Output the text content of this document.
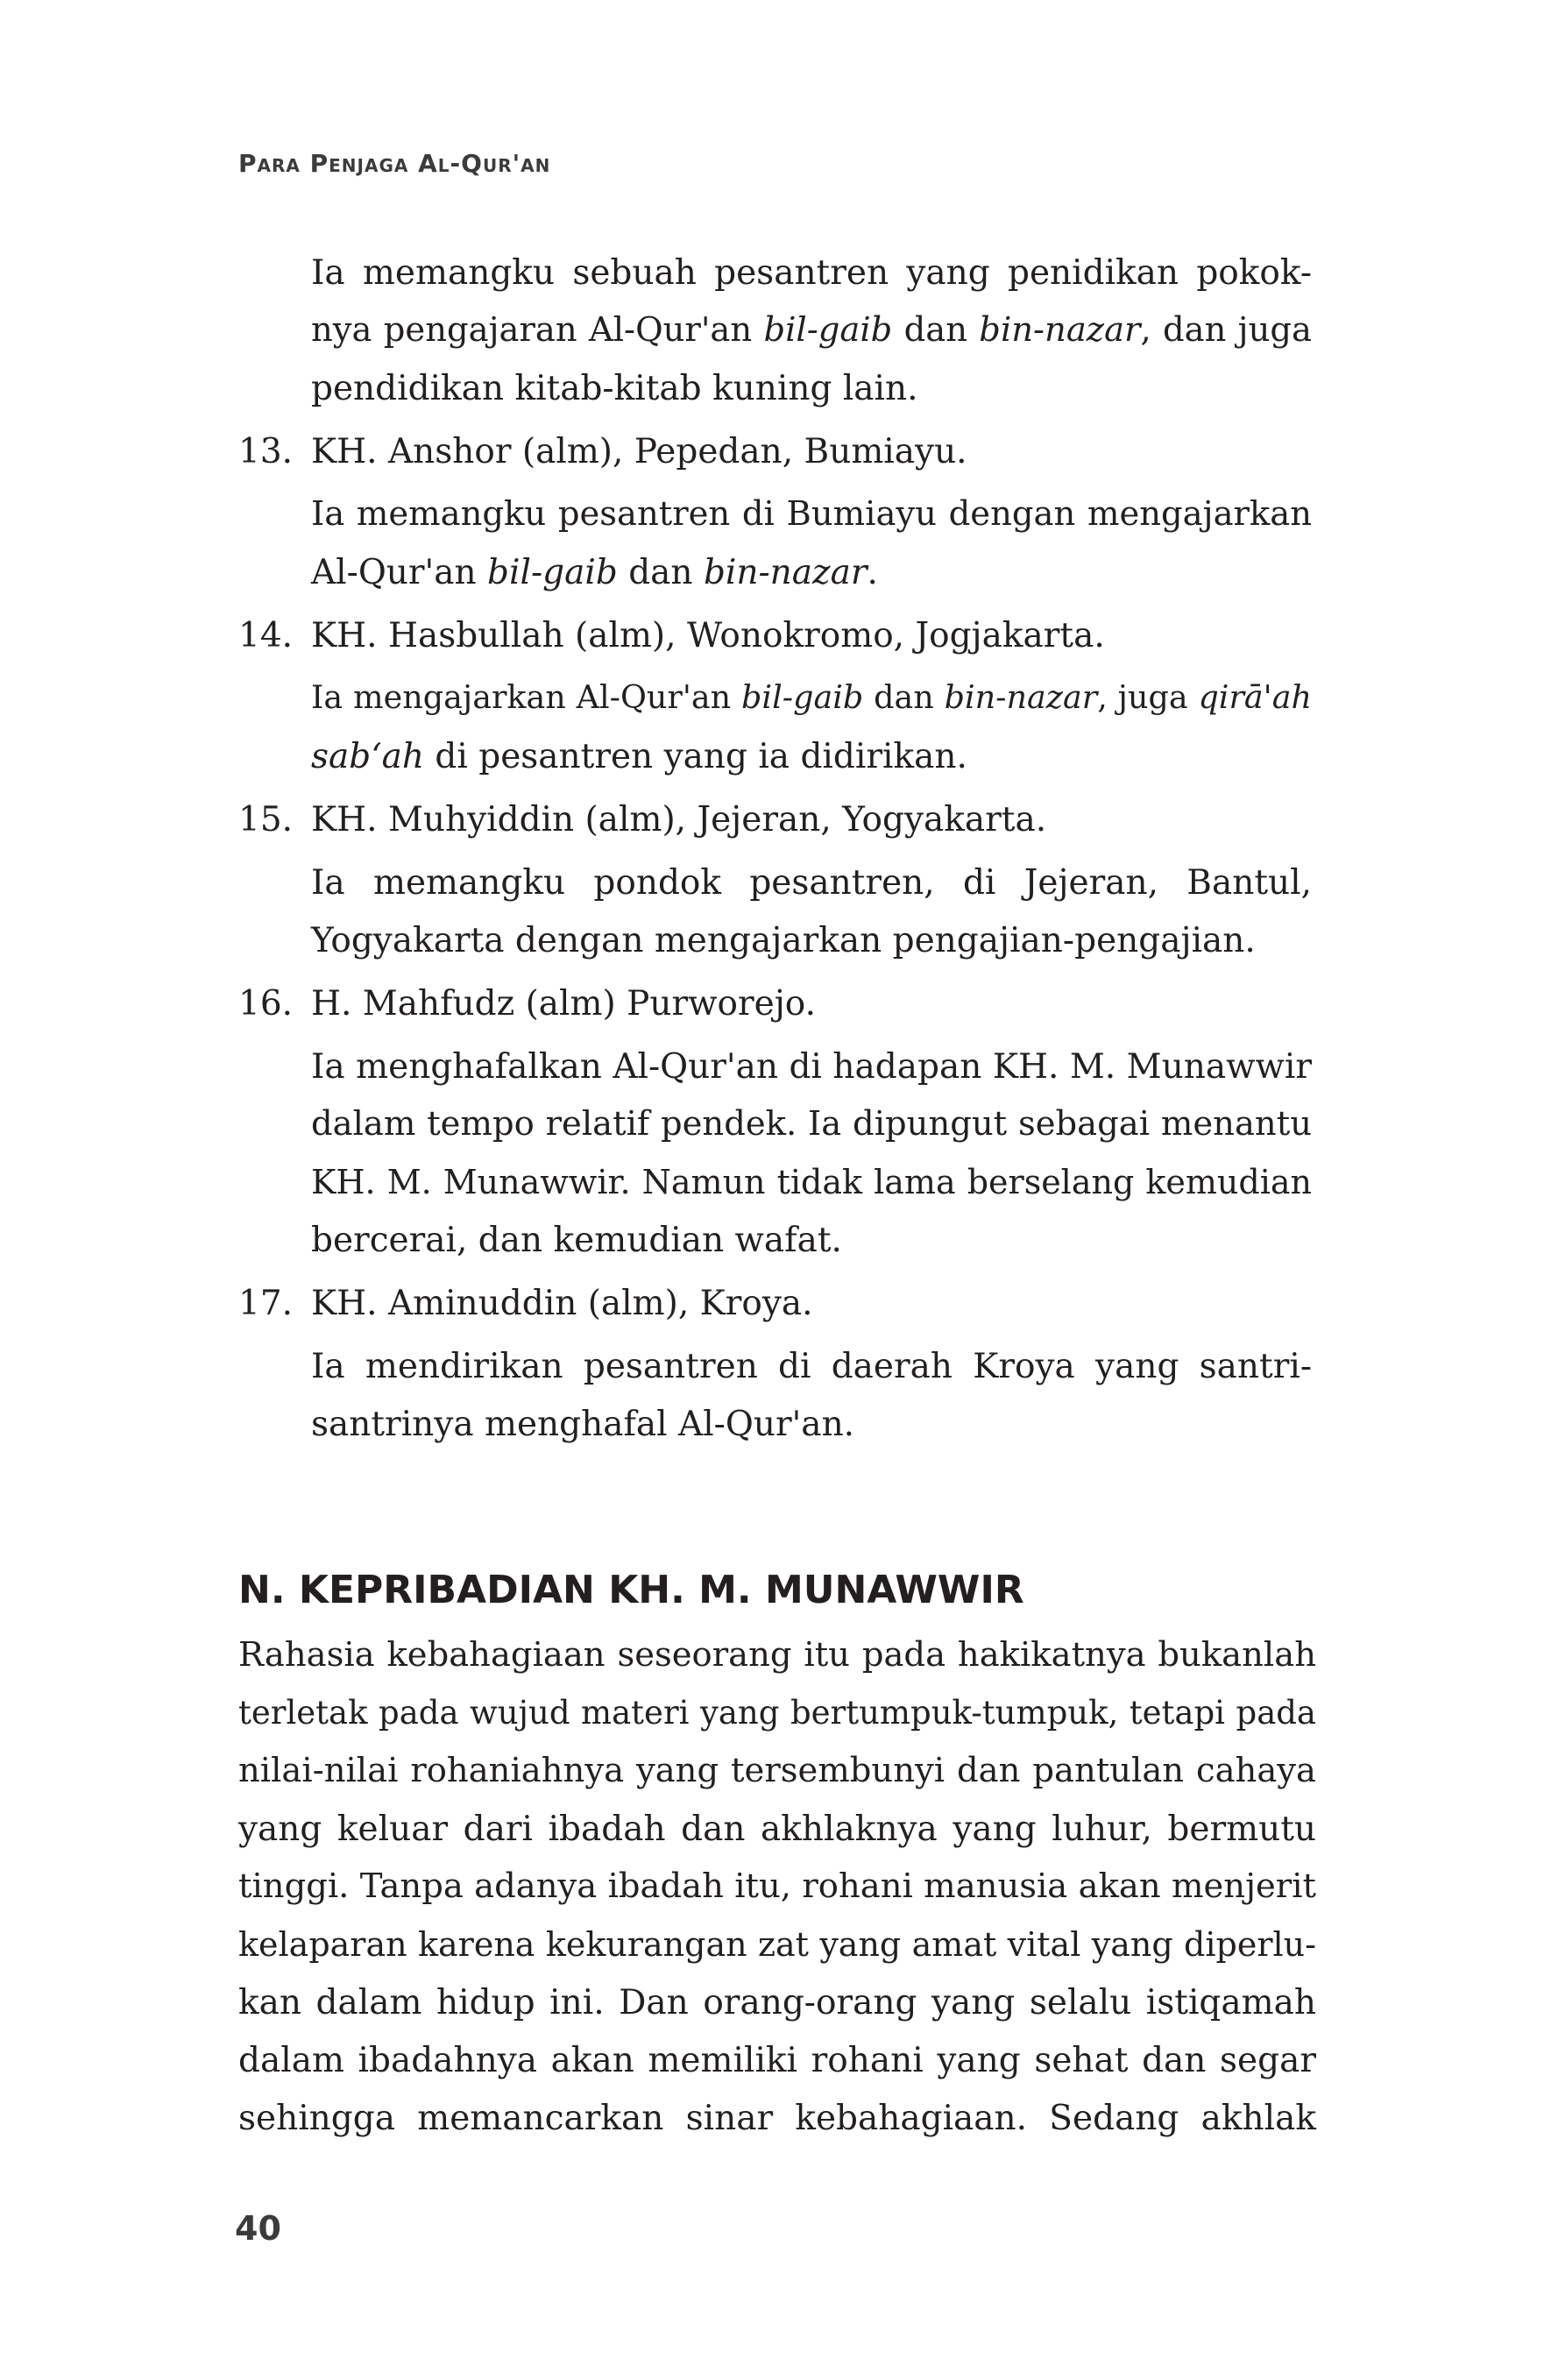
Para Penjaga Al-Qur'an
Ia memangku sebuah pesantren yang penidikan pokok-
nya pengajaran Al-Qur'an bil-gaib dan bin-nazar, dan juga
pendidikan kitab-kitab kuning lain.
13. KH. Anshor (alm), Pepedan, Bumiayu.
Ia memangku pesantren di Bumiayu dengan mengajarkan
Al-Qur'an bil-gaib dan bin-nazar.
14. KH. Hasbullah (alm), Wonokromo, Jogjakarta.
Ia mengajarkan Al-Qur'an bil-gaib dan bin-nazar, juga qirā'ah
sab‘ah di pesantren yang ia didirikan.
15. KH. Muhyiddin (alm), Jejeran, Yogyakarta.
Ia memangku pondok pesantren, di Jejeran, Bantul,
Yogyakarta dengan mengajarkan pengajian-pengajian.
16. H. Mahfudz (alm) Purworejo.
Ia menghafalkan Al-Qur'an di hadapan KH. M. Munawwir
dalam tempo relatif pendek. Ia dipungut sebagai menantu
KH. M. Munawwir. Namun tidak lama berselang kemudian
bercerai, dan kemudian wafat.
17. KH. Aminuddin (alm), Kroya.
Ia mendirikan pesantren di daerah Kroya yang santri-
santrinya menghafal Al-Qur'an.
N. KEPRIBADIAN KH. M. MUNAWWIR
Rahasia kebahagiaan seseorang itu pada hakikatnya bukanlah
terletak pada wujud materi yang bertumpuk-tumpuk, tetapi pada
nilai-nilai rohaniahnya yang tersembunyi dan pantulan cahaya
yang keluar dari ibadah dan akhlaknya yang luhur, bermutu
tinggi. Tanpa adanya ibadah itu, rohani manusia akan menjerit
kelaparan karena kekurangan zat yang amat vital yang diperlu-
kan dalam hidup ini. Dan orang-orang yang selalu istiqamah
dalam ibadahnya akan memiliki rohani yang sehat dan segar
sehingga memancarkan sinar kebahagiaan. Sedang akhlak
40
